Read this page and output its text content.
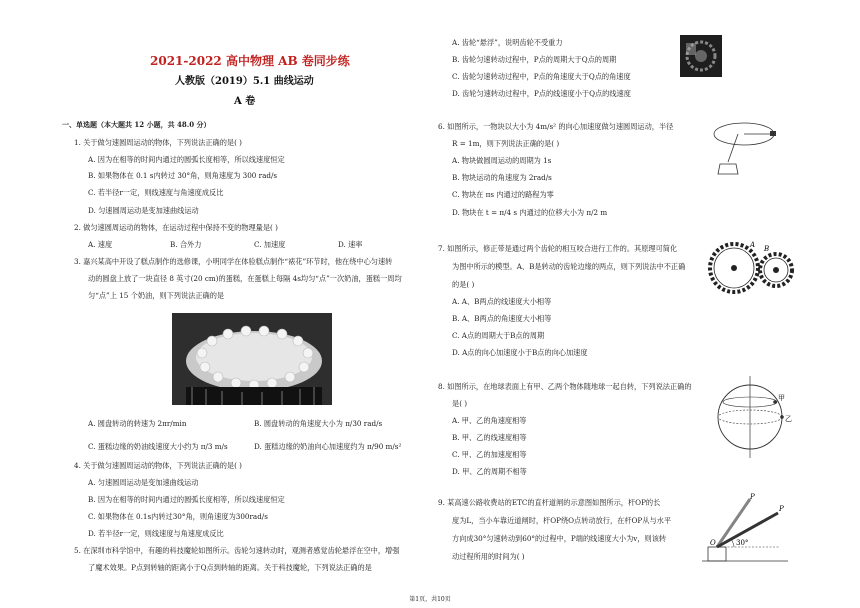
2021-2022 高中物理 AB 卷同步练
人教版（2019）5.1 曲线运动
A 卷
一、单选题（本大题共 12 小题，共 48.0 分）
1. 关于做匀速圆周运动的物体，下列说法正确的是( )
A. 因为在相等的时间内通过的圆弧长度相等，所以线速度恒定
B. 如果物体在 0.1 s内转过 30°角，则角速度为 300 rad/s
C. 若半径r一定，则线速度与角速度成反比
D. 匀速圆周运动是变加速曲线运动
2. 做匀速圆周运动的物体，在运动过程中保持不变的物理量是( )
A. 速度	B. 合外力	C. 加速度	D. 速率
3. 嘉兴某高中开设了糕点制作的选修课，小明同学在体验糕点制作“裱花”环节时，他在绕中心匀速转
动的圆盘上放了一块直径 8 英寸(20 cm)的蛋糕，在蛋糕上每隔 4s均匀“点”一次奶油，蛋糕一周均
匀“点”上 15 个奶油，则下列说法正确的是
A. 圆盘转动的转速为 2πr/min	B. 圆盘转动的角速度大小为 π/30 rad/s
C. 蛋糕边缘的奶油线速度大小约为 π/3 m/s	D. 蛋糕边缘的奶油向心加速度约为 π/90 m/s²
4. 关于做匀速圆周运动的物体，下列说法正确的是( )
A. 匀速圆周运动是变加速曲线运动
B. 因为在相等的时间内通过的圆弧长度相等，所以线速度恒定
C. 如果物体在 0.1s内转过30°角，则角速度为300rad/s
D. 若半径r一定，则线速度与角速度成反比
5. 在深圳市科学馆中，有趣的科技魔轮如图所示。齿轮匀速转动时，观测者感觉齿轮悬浮在空中，增强
了魔术效果。P点到转轴的距离小于Q点到转轴的距离。关于科技魔轮，下列说法正确的是
A. 齿轮“悬浮”，说明齿轮不受重力
B. 齿轮匀速转动过程中，P点的周期大于Q点的周期
C. 齿轮匀速转动过程中，P点的角速度大于Q点的角速度
D. 齿轮匀速转动过程中，P点的线速度小于Q点的线速度
6. 如图所示，一物块以大小为 4m/s² 的向心加速度做匀速圆周运动，半径
R = 1m，则下列说法正确的是( )
A. 物块做圆周运动的周期为 1s
B. 物块运动的角速度为 2rad/s
C. 物块在 πs 内通过的路程为零
D. 物块在 t = π/4 s 内通过的位移大小为 π/2 m
7. 如图所示，修正带是通过两个齿轮的相互咬合进行工作的。其原理可简化
为图中所示的模型。A、B是转动的齿轮边缘的两点，则下列说法中不正确
的是( )
A. A、B两点的线速度大小相等
B. A、B两点的角速度大小相等
C. A点的周期大于B点的周期
D. A点的向心加速度小于B点的向心加速度
A B
8. 如图所示，在地球表面上有甲、乙两个物体随地球一起自转，下列说法正确的
是( )
A. 甲、乙的角速度相等
B. 甲、乙的线速度相等
C. 甲、乙的加速度相等
D. 甲、乙的周期不相等
甲
乙
9. 某高速公路收费站的ETC的直杆道闸的示意图如图所示，杆OP的长
度为L，当小车靠近道闸时，杆OP绕O点转动放行，在杆OP从与水平
方向成30°匀速转动到60°的过程中，P端的线速度大小为v，则该转
动过程所用的时间为( )
30°
P
P
O
第1页，共10页
